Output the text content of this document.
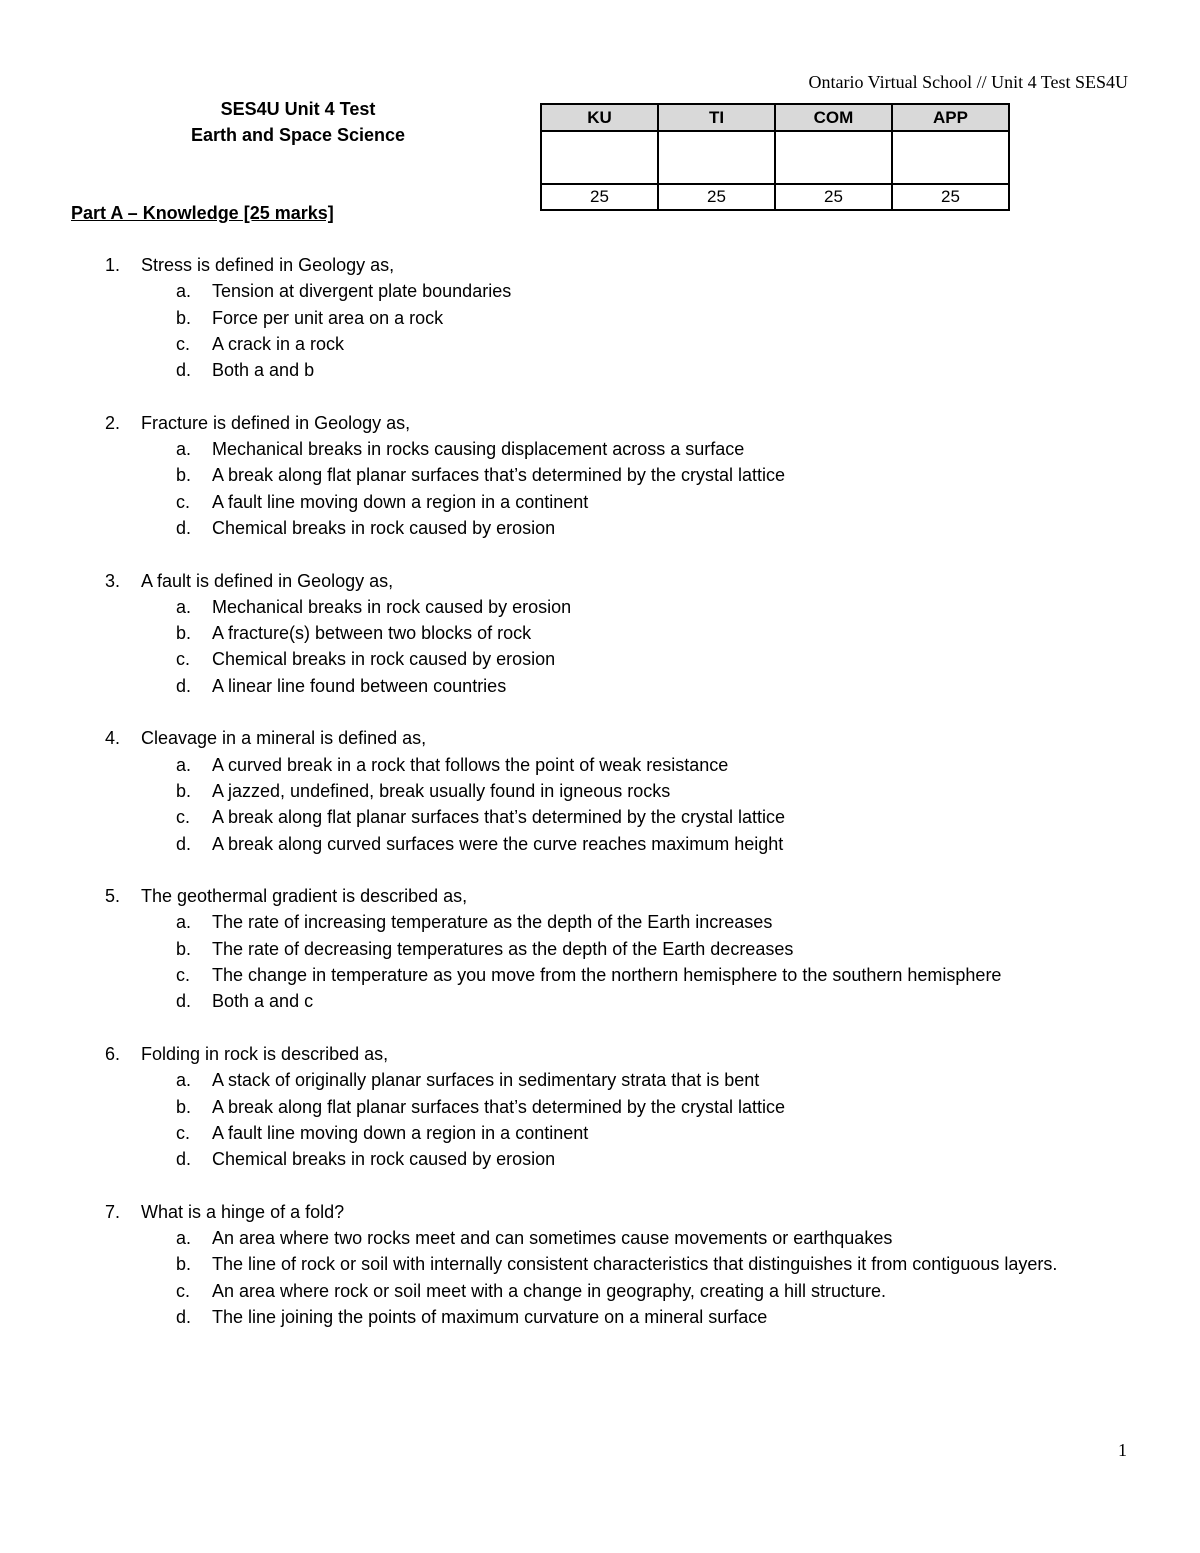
Ontario Virtual School // Unit 4 Test SES4U
SES4U Unit 4 Test
Earth and Space Science
KU	TI	COM	APP

25	25	25	25
Part A – Knowledge [25 marks]
1.	Stress is defined in Geology as,
a.	Tension at divergent plate boundaries
b.	Force per unit area on a rock
c.	A crack in a rock
d.	Both a and b
2.	Fracture is defined in Geology as,
a.	Mechanical breaks in rocks causing displacement across a surface
b.	A break along flat planar surfaces that’s determined by the crystal lattice
c.	A fault line moving down a region in a continent
d.	Chemical breaks in rock caused by erosion
3.	A fault is defined in Geology as,
a.	Mechanical breaks in rock caused by erosion
b.	A fracture(s) between two blocks of rock
c.	Chemical breaks in rock caused by erosion
d.	A linear line found between countries
4.	Cleavage in a mineral is defined as,
a.	A curved break in a rock that follows the point of weak resistance
b.	A jazzed, undefined, break usually found in igneous rocks
c.	A break along flat planar surfaces that’s determined by the crystal lattice
d.	A break along curved surfaces were the curve reaches maximum height
5.	The geothermal gradient is described as,
a.	The rate of increasing temperature as the depth of the Earth increases
b.	The rate of decreasing temperatures as the depth of the Earth decreases
c.	The change in temperature as you move from the northern hemisphere to the southern hemisphere
d.	Both a and c
6.	Folding in rock is described as,
a.	A stack of originally planar surfaces in sedimentary strata that is bent
b.	A break along flat planar surfaces that’s determined by the crystal lattice
c.	A fault line moving down a region in a continent
d.	Chemical breaks in rock caused by erosion
7.	What is a hinge of a fold?
a.	An area where two rocks meet and can sometimes cause movements or earthquakes
b.	The line of rock or soil with internally consistent characteristics that distinguishes it from contiguous layers.
c.	An area where rock or soil meet with a change in geography, creating a hill structure.
d.	The line joining the points of maximum curvature on a mineral surface
1
